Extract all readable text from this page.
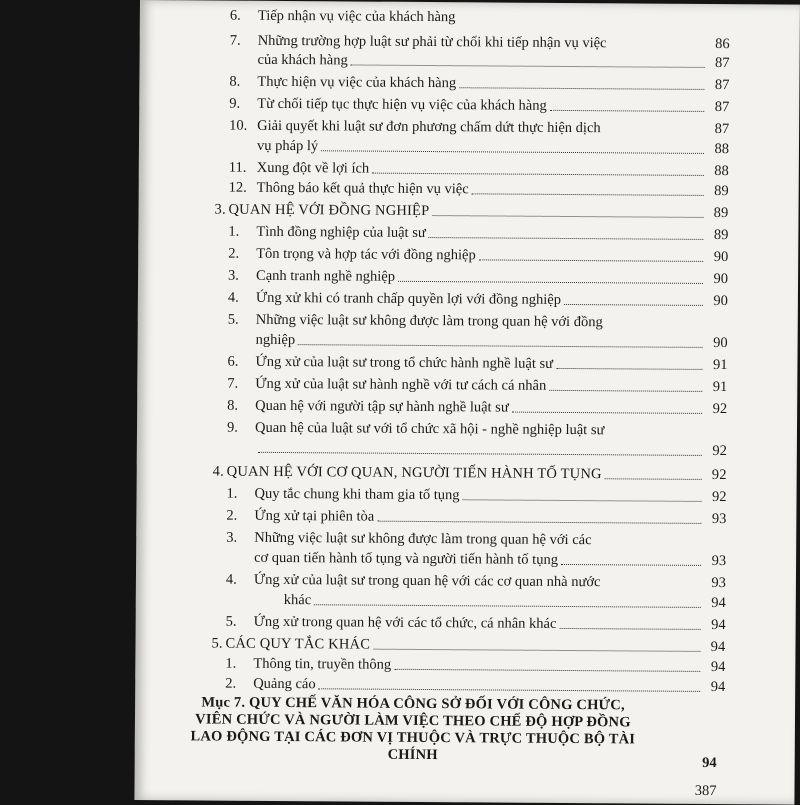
6.	Tiếp nhận vụ việc của khách hàng
7.	Những trường hợp luật sư phải từ chối khi tiếp nhận vụ việc	86
của khách hàng	87
8.	Thực hiện vụ việc của khách hàng	87
9.	Từ chối tiếp tục thực hiện vụ việc của khách hàng	87
10. Giải quyết khi luật sư đơn phương chấm dứt thực hiện dịch	87
vụ pháp lý	88
11. Xung đột về lợi ích	88
12. Thông báo kết quả thực hiện vụ việc	89
3. QUAN HỆ VỚI ĐỒNG NGHIỆP	89
1.	Tình đồng nghiệp của luật sư	89
2.	Tôn trọng và hợp tác với đồng nghiệp	90
3.	Cạnh tranh nghề nghiệp	90
4.	Ứng xử khi có tranh chấp quyền lợi với đồng nghiệp	90
5.	Những việc luật sư không được làm trong quan hệ với đồng
nghiệp	90
6.	Ứng xử của luật sư trong tổ chức hành nghề luật sư	91
7.	Ứng xử của luật sư hành nghề với tư cách cá nhân	91
8.	Quan hệ với người tập sự hành nghề luật sư	92
9.	Quan hệ của luật sư với tổ chức xã hội - nghề nghiệp luật sư
92
4. QUAN HỆ VỚI CƠ QUAN, NGƯỜI TIẾN HÀNH TỐ TỤNG	92
1.	Quy tắc chung khi tham gia tố tụng	92
2.	Ứng xử tại phiên tòa	93
3.	Những việc luật sư không được làm trong quan hệ với các
cơ quan tiến hành tố tụng và người tiến hành tố tụng	93
4.	Ứng xử của luật sư trong quan hệ với các cơ quan nhà nước	93
khác	94
5.	Ứng xử trong quan hệ với các tổ chức, cá nhân khác	94
5. CÁC QUY TẮC KHÁC	94
1.	Thông tin, truyền thông	94
2.	Quảng cáo	94
Mục 7. QUY CHẾ VĂN HÓA CÔNG SỞ ĐỐI VỚI CÔNG CHỨC, VIÊN CHỨC VÀ NGƯỜI LÀM VIỆC THEO CHẾ ĐỘ HỢP ĐỒNG LAO ĐỘNG TẠI CÁC ĐƠN VỊ THUỘC VÀ TRỰC THUỘC BỘ TÀI CHÍNH	94
387
